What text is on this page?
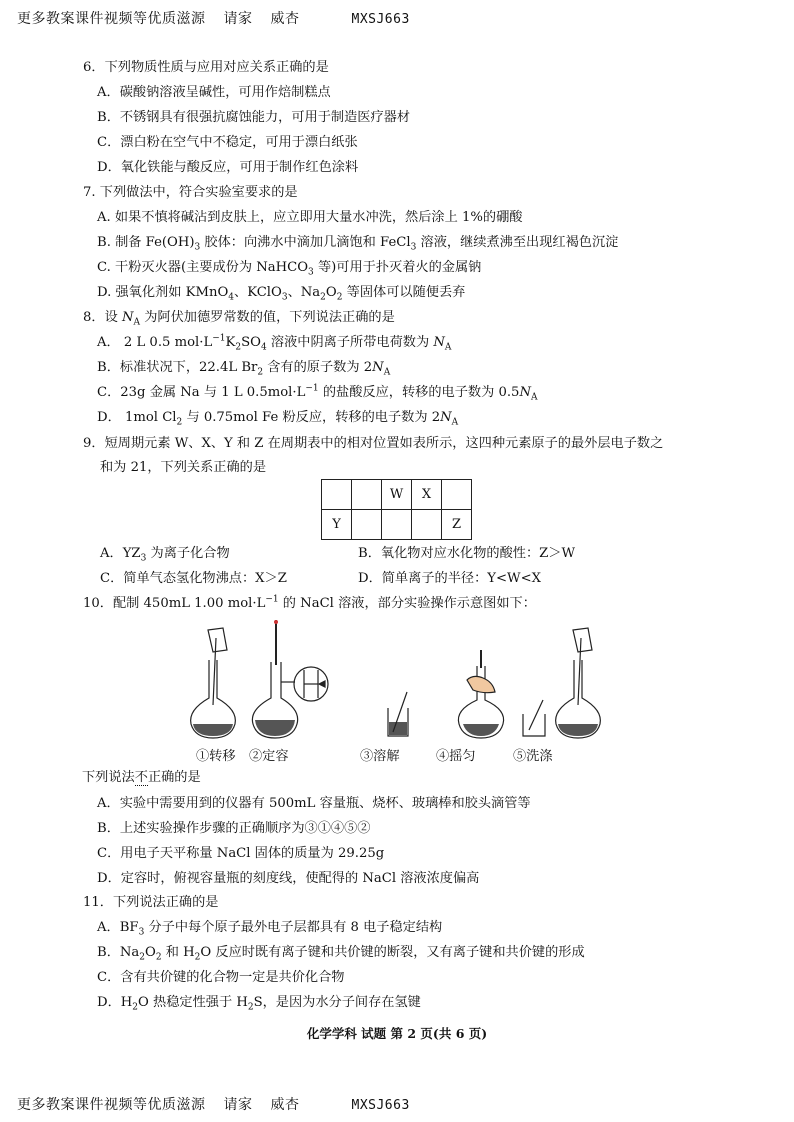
更多教案课件视频等优质滋源 请家 威杏	MXSJ663
6．下列物质性质与应用对应关系正确的是
A．碳酸钠溶液呈碱性，可用作焙制糕点
B．不锈钢具有很强抗腐蚀能力，可用于制造医疗器材
C．漂白粉在空气中不稳定，可用于漂白纸张
D．氧化铁能与酸反应，可用于制作红色涂料
7. 下列做法中，符合实验室要求的是
A. 如果不慎将碱沾到皮肤上，应立即用大量水冲洗，然后涂上 1%的硼酸
B. 制备 $Fe(OH)_3$ 胶体：向沸水中滴加几滴饱和 FeCl$_3$ 溶液，继续煮沸至出现红褐色沉淀
C. 干粉灭火器(主要成份为 NaHCO$_3$ 等)可用于扑灭着火的金属钠
D. 强氧化剂如 KMnO$_4$、KClO$_3$、$Na_2O_2$ 等固体可以随便丢弃
8．设 $N_A$ 为阿伏加德罗常数的值，下列说法正确的是
A． 2 L 0.5 $mol\cdot L^{-1}K_2SO_4$ 溶液中阴离子所带电荷数为 $N_A$
B．标准状况下，22.4L $Br_2$ 含有的原子数为 $2N_A$
C．23g 金属 Na 与 1 L $0.5mol\cdot L^{-1}$ 的盐酸反应，转移的电子数为 $0.5N_A$
D． 1mol $Cl_2$ 与 0.75mol Fe 粉反应，转移的电子数为 $2N_A$
9．短周期元素 W、X、Y 和 Z 在周期表中的相对位置如表所示，这四种元素原子的最外层电子数之
和为 21，下列关系正确的是
		W	X	
Y				Z
A．$YZ_3$ 为离子化合物	B．氧化物对应水化物的酸性：Z＞W
C．简单气态氢化物沸点：X＞Z	D．简单离子的半径：Y<W<X
10．配制 450mL 1.00 $mol\cdot L^{-1}$ 的 NaCl 溶液，部分实验操作示意图如下：
①转移 ②定容	③溶解	④摇匀	⑤洗涤
下列说法不正确的是
A．实验中需要用到的仪器有 500mL 容量瓶、烧杯、玻璃棒和胶头滴管等
B．上述实验操作步骤的正确顺序为③①④⑤②
C．用电子天平称量 NaCl 固体的质量为 29.25g
D．定容时，俯视容量瓶的刻度线，使配得的 NaCl 溶液浓度偏高
11．下列说法正确的是
A．$BF_3$ 分子中每个原子最外电子层都具有 8 电子稳定结构
B．$Na_2O_2$ 和 $H_2O$ 反应时既有离子键和共价键的断裂，又有离子键和共价键的形成
C．含有共价键的化合物一定是共价化合物
D．$H_2O$ 热稳定性强于 $H_2S$，是因为水分子间存在氢键
化学学科 试题 第 2 页(共 6 页)
更多教案课件视频等优质滋源 请家 威杏	MXSJ663
